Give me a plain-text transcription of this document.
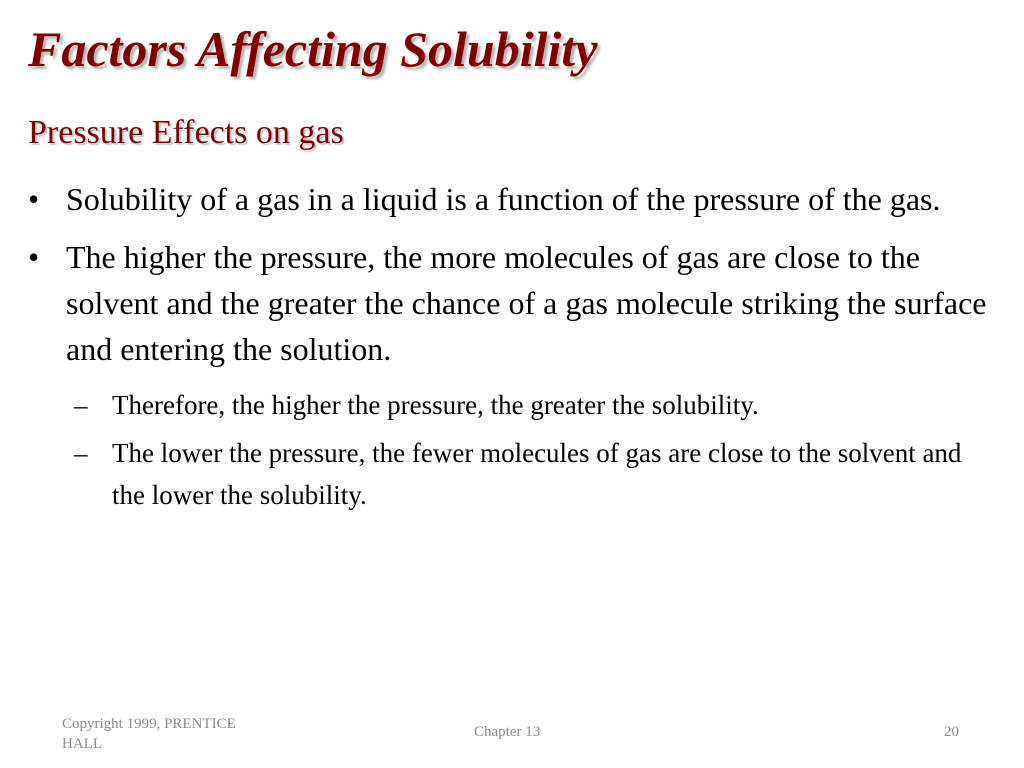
Factors Affecting Solubility
Pressure Effects on gas
• Solubility of a gas in a liquid is a function of the pressure of the gas.
• The higher the pressure, the more molecules of gas are close to the solvent and the greater the chance of a gas molecule striking the surface and entering the solution.
– Therefore, the higher the pressure, the greater the solubility.
– The lower the pressure, the fewer molecules of gas are close to the solvent and the lower the solubility.
Copyright 1999, PRENTICE HALL
Chapter 13	20
